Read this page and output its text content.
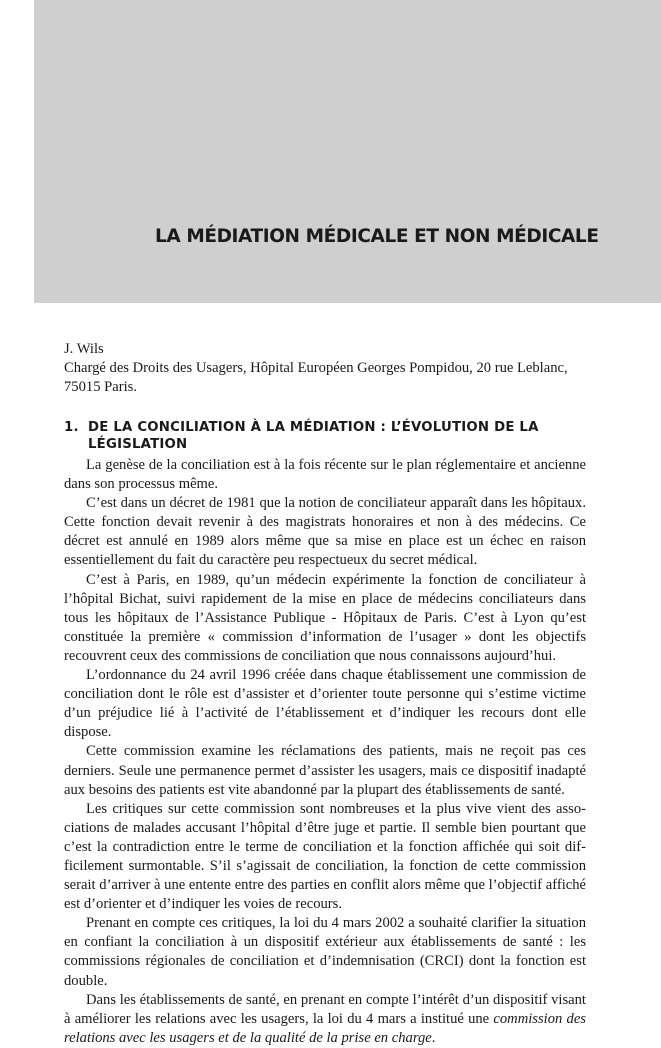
LA MÉDIATION MÉDICALE ET NON MÉDICALE

J. Wils

Chargé des Droits des Usagers, Hôpital Européen Georges Pompidou, 20 rue Leblanc, 75015 Paris.

1. DE LA CONCILIATION À LA MÉDIATION : L’ÉVOLUTION DE LA LÉGISLATION

La genèse de la conciliation est à la fois récente sur le plan réglementaire et ancienne dans son processus même.

C’est dans un décret de 1981 que la notion de conciliateur apparaît dans les hôpitaux. Cette fonction devait revenir à des magistrats honoraires et non à des médecins. Ce décret est annulé en 1989 alors même que sa mise en place est un échec en raison essentiellement du fait du caractère peu respectueux du secret médical.

C’est à Paris, en 1989, qu’un médecin expérimente la fonction de conciliateur à l’hôpital Bichat, suivi rapidement de la mise en place de médecins conciliateurs dans tous les hôpitaux de l’Assistance Publique - Hôpitaux de Paris. C’est à Lyon qu’est constituée la première « commission d’information de l’usager » dont les objectifs recouvrent ceux des commissions de conciliation que nous connaissons aujourd’hui.

L’ordonnance du 24 avril 1996 créée dans chaque établissement une commission de conciliation dont le rôle est d’assister et d’orienter toute personne qui s’estime victime d’un préjudice lié à l’activité de l’établissement et d’indiquer les recours dont elle dispose.

Cette commission examine les réclamations des patients, mais ne reçoit pas ces derniers. Seule une permanence permet d’assister les usagers, mais ce dispositif inadapté aux besoins des patients est vite abandonné par la plupart des établissements de santé.

Les critiques sur cette commission sont nombreuses et la plus vive vient des associations de malades accusant l’hôpital d’être juge et partie. Il semble bien pourtant que c’est la contradiction entre le terme de conciliation et la fonction affichée qui soit difficilement surmontable. S’il s’agissait de conciliation, la fonction de cette commission serait d’arriver à une entente entre des parties en conflit alors même que l’objectif affiché est d’orienter et d’indiquer les voies de recours.

Prenant en compte ces critiques, la loi du 4 mars 2002 a souhaité clarifier la situation en confiant la conciliation à un dispositif extérieur aux établissements de santé : les commissions régionales de conciliation et d’indemnisation (CRCI) dont la fonction est double.

Dans les établissements de santé, en prenant en compte l’intérêt d’un dispositif visant à améliorer les relations avec les usagers, la loi du 4 mars a institué une commission des relations avec les usagers et de la qualité de la prise en charge.
